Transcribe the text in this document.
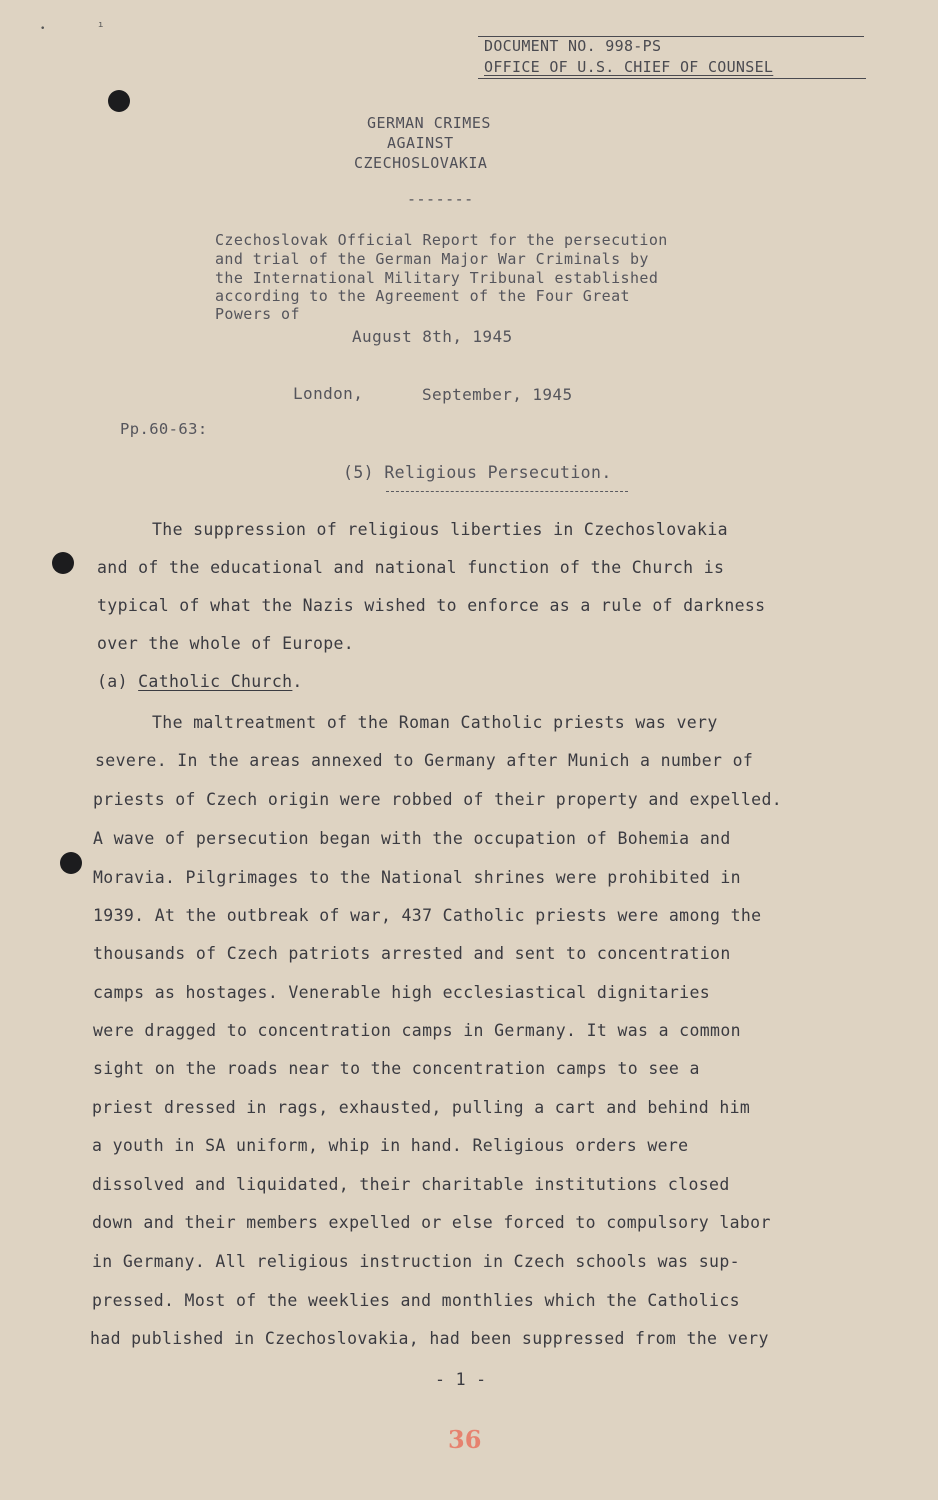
•	ı
DOCUMENT NO. 998-PS
OFFICE OF U.S. CHIEF OF COUNSEL
GERMAN CRIMES
AGAINST
CZECHOSLOVAKIA
-------
Czechoslovak Official Report for the persecution
and trial of the German Major War Criminals by
the International Military Tribunal established
according to the Agreement of the Four Great
Powers of
August 8th, 1945
London,	September, 1945
Pp.60-63:
(5) Religious Persecution.
The suppression of religious liberties in Czechoslovakia
and of the educational and national function of the Church is
typical of what the Nazis wished to enforce as a rule of darkness
over the whole of Europe.
(a) Catholic Church.
The maltreatment of the Roman Catholic priests was very
severe. In the areas annexed to Germany after Munich a number of
priests of Czech origin were robbed of their property and expelled.
A wave of persecution began with the occupation of Bohemia and
Moravia. Pilgrimages to the National shrines were prohibited in
1939. At the outbreak of war, 437 Catholic priests were among the
thousands of Czech patriots arrested and sent to concentration
camps as hostages. Venerable high ecclesiastical dignitaries
were dragged to concentration camps in Germany. It was a common
sight on the roads near to the concentration camps to see a
priest dressed in rags, exhausted, pulling a cart and behind him
a youth in SA uniform, whip in hand. Religious orders were
dissolved and liquidated, their charitable institutions closed
down and their members expelled or else forced to compulsory labor
in Germany. All religious instruction in Czech schools was sup-
pressed. Most of the weeklies and monthlies which the Catholics
had published in Czechoslovakia, had been suppressed from the very
- 1 -
36
